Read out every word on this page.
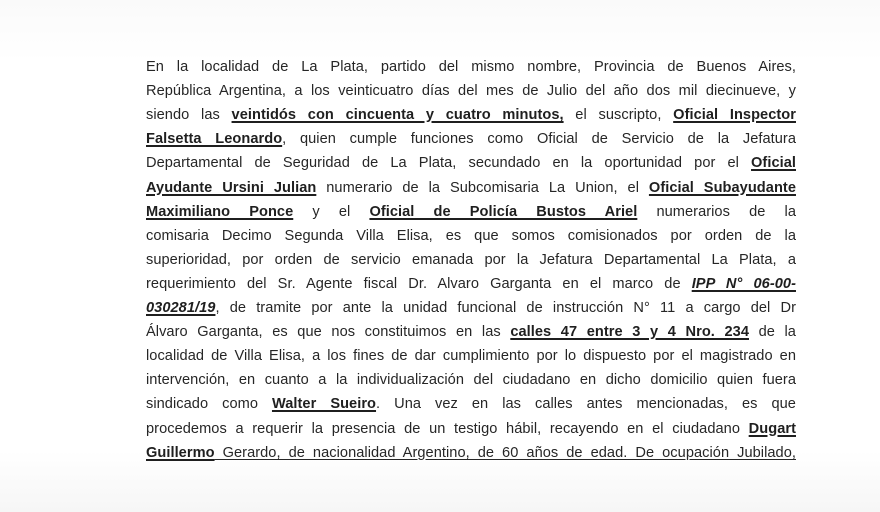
En la localidad de La Plata, partido del mismo nombre, Provincia de Buenos Aires,
República Argentina, a los veinticuatro días del mes de Julio del año dos mil diecinueve, y
siendo las veintidós con cincuenta y cuatro minutos, el suscripto, Oficial Inspector
Falsetta Leonardo, quien cumple funciones como Oficial de Servicio de la Jefatura
Departamental de Seguridad de La Plata, secundado en la oportunidad por el Oficial
Ayudante Ursini Julian numerario de la Subcomisaria La Union, el Oficial Subayudante
Maximiliano Ponce y el Oficial de Policía Bustos Ariel numerarios de la
comisaria Decimo Segunda Villa Elisa, es que somos comisionados por orden de la
superioridad, por orden de servicio emanada por la Jefatura Departamental La Plata, a
requerimiento del Sr. Agente fiscal Dr. Alvaro Garganta en el marco de IPP N° 06-00-
030281/19, de tramite por ante la unidad funcional de instrucción N° 11 a cargo del Dr
Álvaro Garganta, es que nos constituimos en las calles 47 entre 3 y 4 Nro. 234 de la
localidad de Villa Elisa, a los fines de dar cumplimiento por lo dispuesto por el magistrado en
intervención, en cuanto a la individualización del ciudadano en dicho domicilio quien fuera
sindicado como Walter Sueiro. Una vez en las calles antes mencionadas, es que
procedemos a requerir la presencia de un testigo hábil, recayendo en el ciudadano Dugart
Guillermo Gerardo, de nacionalidad Argentino, de 60 años de edad. De ocupación Jubilado,
